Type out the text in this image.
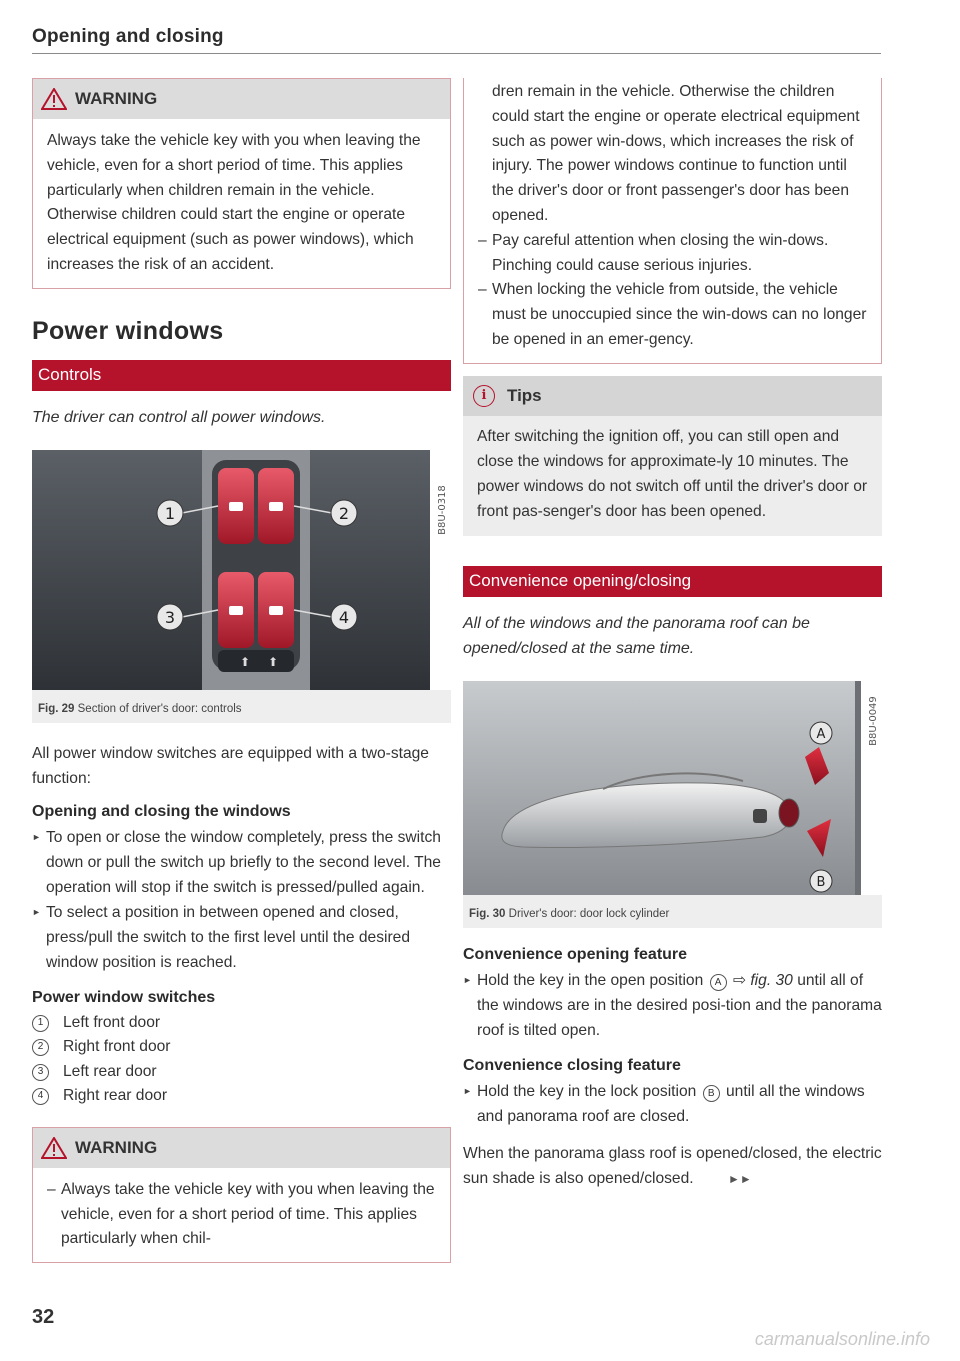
Opening and closing
WARNING

Always take the vehicle key with you when leaving the vehicle, even for a short period of time. This applies particularly when children remain in the vehicle. Otherwise children could start the engine or operate electrical equipment (such as power windows), which increases the risk of an accident.

Power windows
Controls
The driver can control all power windows.
⬆ ⬆
1	2
3	4
B8U-0318
Fig. 29 Section of driver's door: controls

All power window switches are equipped with a two-stage function:

Opening and closing the windows
► To open or close the window completely, press the switch down or pull the switch up briefly to the second level. The operation will stop if the switch is pressed/pulled again.
► To select a position in between opened and closed, press/pull the switch to the first level until the desired window position is reached.
Power window switches
1	Left front door
2	Right front door
3	Left rear door
4	Right rear door
WARNING
– Always take the vehicle key with you when leaving the vehicle, even for a short period of time. This applies particularly when chil-

dren remain in the vehicle. Otherwise the children could start the engine or operate electrical equipment such as power win-dows, which increases the risk of injury. The power windows continue to function until the driver's door or front passenger's door has been opened.

– Pay careful attention when closing the win-dows. Pinching could cause serious injuries.
– When locking the vehicle from outside, the vehicle must be unoccupied since the win-dows can no longer be opened in an emer-gency.
i	Tips
After switching the ignition off, you can still open and close the windows for approximate-ly 10 minutes. The power windows do not switch off until the driver's door or front pas-senger's door has been opened.
Convenience opening/closing
All of the windows and the panorama roof can be opened/closed at the same time.
A
B
B8U-0049
Fig. 30 Driver's door: door lock cylinder
Convenience opening feature
► Hold the key in the open position A ⇨ fig. 30 until all of the windows are in the desired posi-tion and the panorama roof is tilted open.
Convenience closing feature
► Hold the key in the lock position B until all the windows and panorama roof are closed.

When the panorama glass roof is opened/closed, the electric sun shade is also opened/closed.	►►

32
carmanualsonline.info
